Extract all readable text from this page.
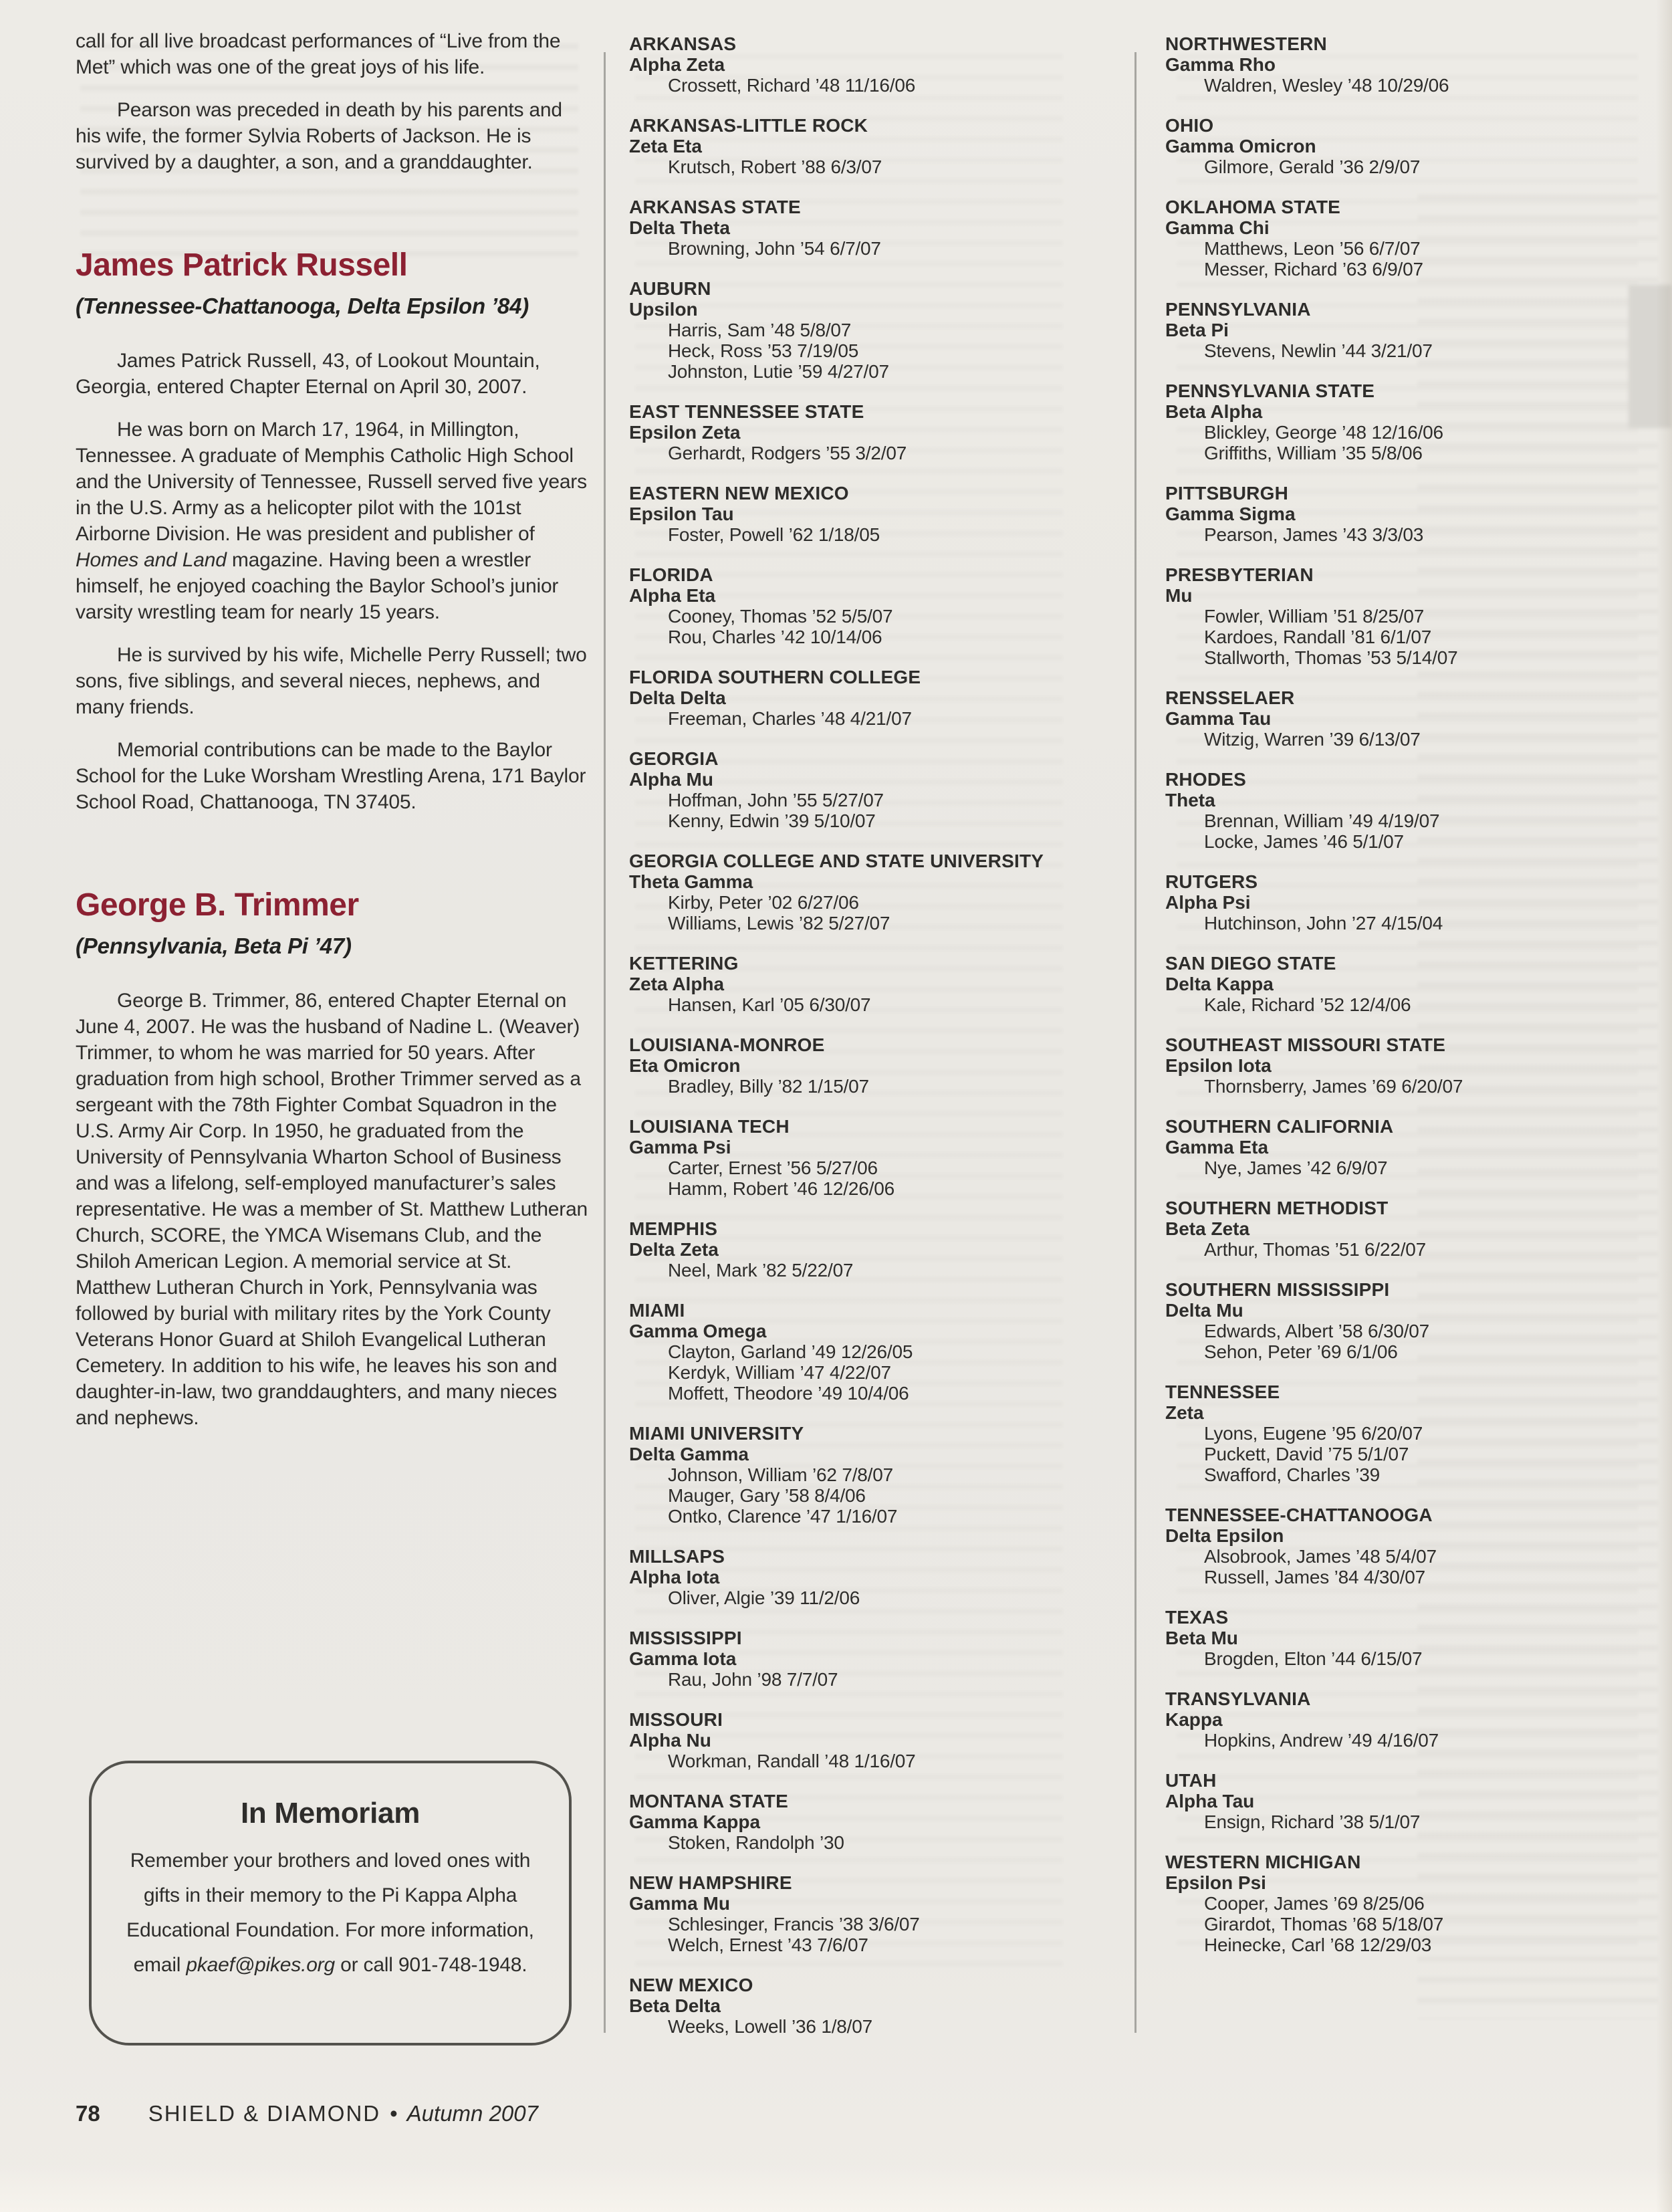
call for all live broadcast performances of “Live from the Met” which was one of the great joys of his life.

Pearson was preceded in death by his parents and his wife, the former Sylvia Roberts of Jackson. He is survived by a daughter, a son, and a granddaughter.

James Patrick Russell
(Tennessee-Chattanooga, Delta Epsilon ’84)

James Patrick Russell, 43, of Lookout Mountain, Georgia, entered Chapter Eternal on April 30, 2007.

He was born on March 17, 1964, in Millington, Tennessee. A graduate of Memphis Catholic High School and the University of Tennessee, Russell served five years in the U.S. Army as a helicopter pilot with the 101st Airborne Division. He was president and publisher of Homes and Land magazine. Having been a wrestler himself, he enjoyed coaching the Baylor School’s junior varsity wrestling team for nearly 15 years.

He is survived by his wife, Michelle Perry Russell; two sons, five siblings, and several nieces, nephews, and many friends.

Memorial contributions can be made to the Baylor School for the Luke Worsham Wrestling Arena, 171 Baylor School Road, Chattanooga, TN 37405.

George B. Trimmer
(Pennsylvania, Beta Pi ’47)

George B. Trimmer, 86, entered Chapter Eternal on June 4, 2007. He was the husband of Nadine L. (Weaver) Trimmer, to whom he was married for 50 years. After graduation from high school, Brother Trimmer served as a sergeant with the 78th Fighter Combat Squadron in the U.S. Army Air Corp. In 1950, he graduated from the University of Pennsylvania Wharton School of Business and was a lifelong, self-employed manufacturer’s sales representative. He was a member of St. Matthew Lutheran Church, SCORE, the YMCA Wisemans Club, and the Shiloh American Legion. A memorial service at St. Matthew Lutheran Church in York, Pennsylvania was followed by burial with military rites by the York County Veterans Honor Guard at Shiloh Evangelical Lutheran Cemetery. In addition to his wife, he leaves his son and daughter-in-law, two granddaughters, and many nieces and nephews.

In Memoriam

Remember your brothers and loved ones with gifts in their memory to the Pi Kappa Alpha Educational Foundation. For more information, email pkaef@pikes.org or call 901-748-1948.

ARKANSAS
Alpha Zeta
Crossett, Richard ’48 11/16/06
ARKANSAS-LITTLE ROCK
Zeta Eta
Krutsch, Robert ’88 6/3/07
ARKANSAS STATE
Delta Theta
Browning, John ’54 6/7/07
AUBURN
Upsilon
Harris, Sam ’48 5/8/07
Heck, Ross ’53 7/19/05
Johnston, Lutie ’59 4/27/07
EAST TENNESSEE STATE
Epsilon Zeta
Gerhardt, Rodgers ’55 3/2/07
EASTERN NEW MEXICO
Epsilon Tau
Foster, Powell ’62 1/18/05
FLORIDA
Alpha Eta
Cooney, Thomas ’52 5/5/07
Rou, Charles ’42 10/14/06
FLORIDA SOUTHERN COLLEGE
Delta Delta
Freeman, Charles ’48 4/21/07
GEORGIA
Alpha Mu
Hoffman, John ’55 5/27/07
Kenny, Edwin ’39 5/10/07
GEORGIA COLLEGE AND STATE UNIVERSITY
Theta Gamma
Kirby, Peter ’02 6/27/06
Williams, Lewis ’82 5/27/07
KETTERING
Zeta Alpha
Hansen, Karl ’05 6/30/07
LOUISIANA-MONROE
Eta Omicron
Bradley, Billy ’82 1/15/07
LOUISIANA TECH
Gamma Psi
Carter, Ernest ’56 5/27/06
Hamm, Robert ’46 12/26/06
MEMPHIS
Delta Zeta
Neel, Mark ’82 5/22/07
MIAMI
Gamma Omega
Clayton, Garland ’49 12/26/05
Kerdyk, William ’47 4/22/07
Moffett, Theodore ’49 10/4/06
MIAMI UNIVERSITY
Delta Gamma
Johnson, William ’62 7/8/07
Mauger, Gary ’58 8/4/06
Ontko, Clarence ’47 1/16/07
MILLSAPS
Alpha Iota
Oliver, Algie ’39 11/2/06
MISSISSIPPI
Gamma Iota
Rau, John ’98 7/7/07
MISSOURI
Alpha Nu
Workman, Randall ’48 1/16/07
MONTANA STATE
Gamma Kappa
Stoken, Randolph ’30
NEW HAMPSHIRE
Gamma Mu
Schlesinger, Francis ’38 3/6/07
Welch, Ernest ’43 7/6/07
NEW MEXICO
Beta Delta
Weeks, Lowell ’36 1/8/07
NORTHWESTERN
Gamma Rho
Waldren, Wesley ’48 10/29/06
OHIO
Gamma Omicron
Gilmore, Gerald ’36 2/9/07
OKLAHOMA STATE
Gamma Chi
Matthews, Leon ’56 6/7/07
Messer, Richard ’63 6/9/07
PENNSYLVANIA
Beta Pi
Stevens, Newlin ’44 3/21/07
PENNSYLVANIA STATE
Beta Alpha
Blickley, George ’48 12/16/06
Griffiths, William ’35 5/8/06
PITTSBURGH
Gamma Sigma
Pearson, James ’43 3/3/03
PRESBYTERIAN
Mu
Fowler, William ’51 8/25/07
Kardoes, Randall ’81 6/1/07
Stallworth, Thomas ’53 5/14/07
RENSSELAER
Gamma Tau
Witzig, Warren ’39 6/13/07
RHODES
Theta
Brennan, William ’49 4/19/07
Locke, James ’46 5/1/07
RUTGERS
Alpha Psi
Hutchinson, John ’27 4/15/04
SAN DIEGO STATE
Delta Kappa
Kale, Richard ’52 12/4/06
SOUTHEAST MISSOURI STATE
Epsilon Iota
Thornsberry, James ’69 6/20/07
SOUTHERN CALIFORNIA
Gamma Eta
Nye, James ’42 6/9/07
SOUTHERN METHODIST
Beta Zeta
Arthur, Thomas ’51 6/22/07
SOUTHERN MISSISSIPPI
Delta Mu
Edwards, Albert ’58 6/30/07
Sehon, Peter ’69 6/1/06
TENNESSEE
Zeta
Lyons, Eugene ’95 6/20/07
Puckett, David ’75 5/1/07
Swafford, Charles ’39
TENNESSEE-CHATTANOOGA
Delta Epsilon
Alsobrook, James ’48 5/4/07
Russell, James ’84 4/30/07
TEXAS
Beta Mu
Brogden, Elton ’44 6/15/07
TRANSYLVANIA
Kappa
Hopkins, Andrew ’49 4/16/07
UTAH
Alpha Tau
Ensign, Richard ’38 5/1/07
WESTERN MICHIGAN
Epsilon Psi
Cooper, James ’69 8/25/06
Girardot, Thomas ’68 5/18/07
Heinecke, Carl ’68 12/29/03
78 SHIELD & DIAMOND • Autumn 2007
